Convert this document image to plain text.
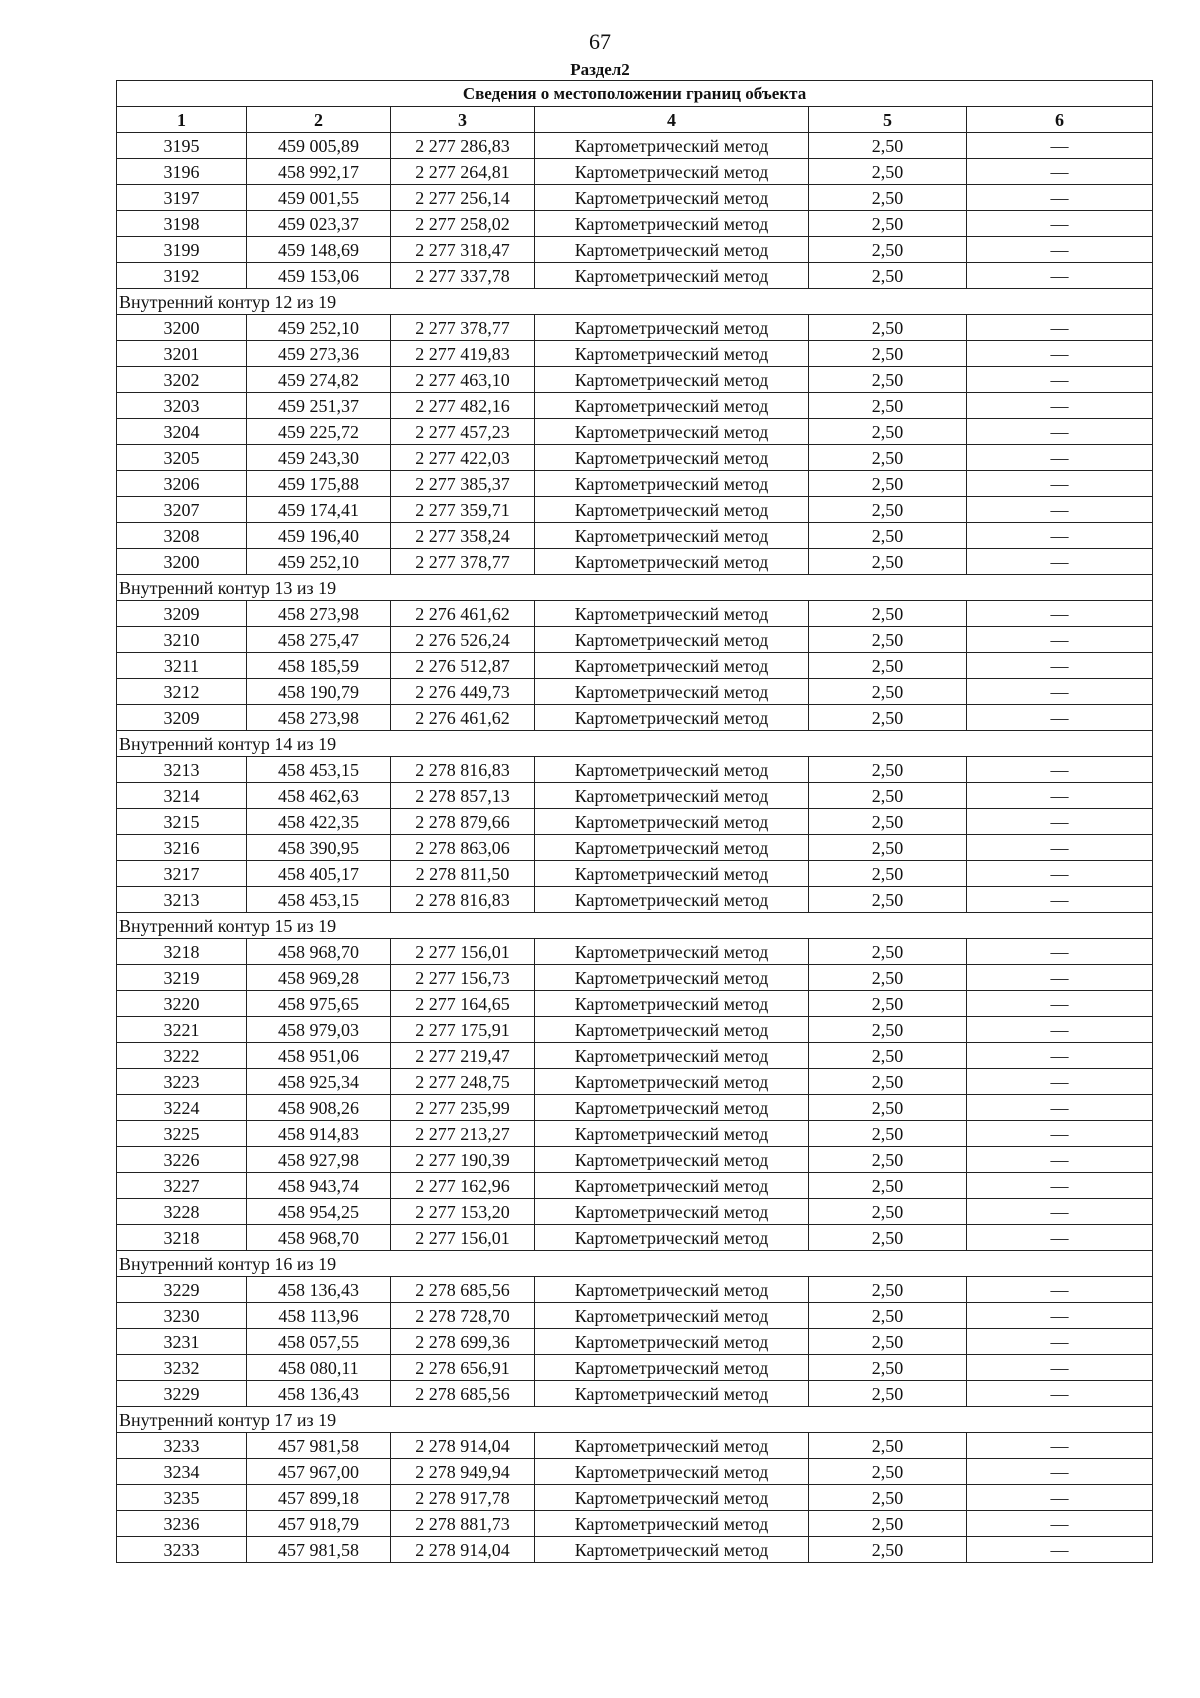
67
Раздел2
Сведения о местоположении границ объекта					
1	2	3	4	5	6
3195	459 005,89	2 277 286,83	Картометрический метод	2,50	—
3196	458 992,17	2 277 264,81	Картометрический метод	2,50	—
3197	459 001,55	2 277 256,14	Картометрический метод	2,50	—
3198	459 023,37	2 277 258,02	Картометрический метод	2,50	—
3199	459 148,69	2 277 318,47	Картометрический метод	2,50	—
3192	459 153,06	2 277 337,78	Картометрический метод	2,50	—
Внутренний контур 12 из 19					
3200	459 252,10	2 277 378,77	Картометрический метод	2,50	—
3201	459 273,36	2 277 419,83	Картометрический метод	2,50	—
3202	459 274,82	2 277 463,10	Картометрический метод	2,50	—
3203	459 251,37	2 277 482,16	Картометрический метод	2,50	—
3204	459 225,72	2 277 457,23	Картометрический метод	2,50	—
3205	459 243,30	2 277 422,03	Картометрический метод	2,50	—
3206	459 175,88	2 277 385,37	Картометрический метод	2,50	—
3207	459 174,41	2 277 359,71	Картометрический метод	2,50	—
3208	459 196,40	2 277 358,24	Картометрический метод	2,50	—
3200	459 252,10	2 277 378,77	Картометрический метод	2,50	—
Внутренний контур 13 из 19					
3209	458 273,98	2 276 461,62	Картометрический метод	2,50	—
3210	458 275,47	2 276 526,24	Картометрический метод	2,50	—
3211	458 185,59	2 276 512,87	Картометрический метод	2,50	—
3212	458 190,79	2 276 449,73	Картометрический метод	2,50	—
3209	458 273,98	2 276 461,62	Картометрический метод	2,50	—
Внутренний контур 14 из 19					
3213	458 453,15	2 278 816,83	Картометрический метод	2,50	—
3214	458 462,63	2 278 857,13	Картометрический метод	2,50	—
3215	458 422,35	2 278 879,66	Картометрический метод	2,50	—
3216	458 390,95	2 278 863,06	Картометрический метод	2,50	—
3217	458 405,17	2 278 811,50	Картометрический метод	2,50	—
3213	458 453,15	2 278 816,83	Картометрический метод	2,50	—
Внутренний контур 15 из 19					
3218	458 968,70	2 277 156,01	Картометрический метод	2,50	—
3219	458 969,28	2 277 156,73	Картометрический метод	2,50	—
3220	458 975,65	2 277 164,65	Картометрический метод	2,50	—
3221	458 979,03	2 277 175,91	Картометрический метод	2,50	—
3222	458 951,06	2 277 219,47	Картометрический метод	2,50	—
3223	458 925,34	2 277 248,75	Картометрический метод	2,50	—
3224	458 908,26	2 277 235,99	Картометрический метод	2,50	—
3225	458 914,83	2 277 213,27	Картометрический метод	2,50	—
3226	458 927,98	2 277 190,39	Картометрический метод	2,50	—
3227	458 943,74	2 277 162,96	Картометрический метод	2,50	—
3228	458 954,25	2 277 153,20	Картометрический метод	2,50	—
3218	458 968,70	2 277 156,01	Картометрический метод	2,50	—
Внутренний контур 16 из 19					
3229	458 136,43	2 278 685,56	Картометрический метод	2,50	—
3230	458 113,96	2 278 728,70	Картометрический метод	2,50	—
3231	458 057,55	2 278 699,36	Картометрический метод	2,50	—
3232	458 080,11	2 278 656,91	Картометрический метод	2,50	—
3229	458 136,43	2 278 685,56	Картометрический метод	2,50	—
Внутренний контур 17 из 19					
3233	457 981,58	2 278 914,04	Картометрический метод	2,50	—
3234	457 967,00	2 278 949,94	Картометрический метод	2,50	—
3235	457 899,18	2 278 917,78	Картометрический метод	2,50	—
3236	457 918,79	2 278 881,73	Картометрический метод	2,50	—
3233	457 981,58	2 278 914,04	Картометрический метод	2,50	—
